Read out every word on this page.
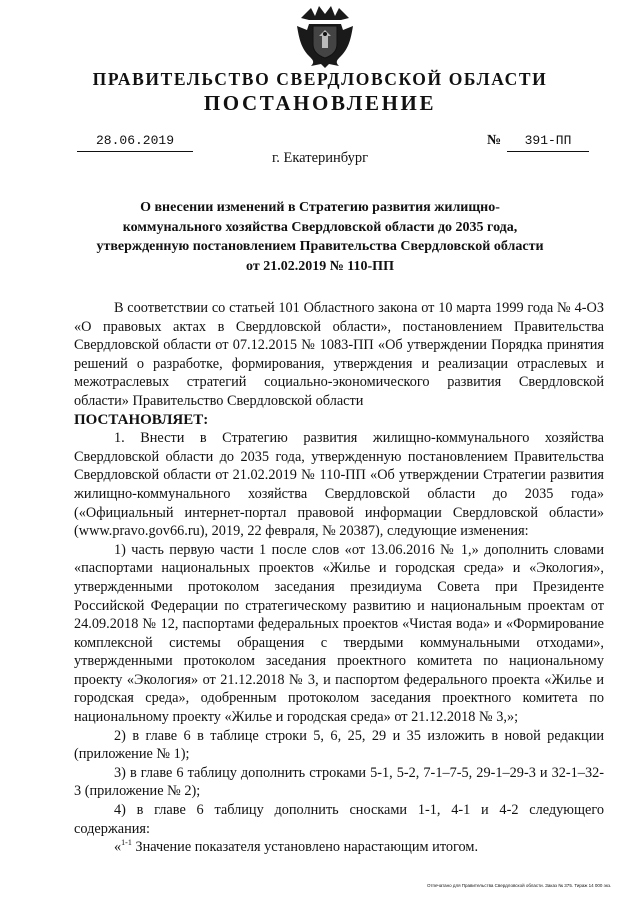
ПРАВИТЕЛЬСТВО СВЕРДЛОВСКОЙ ОБЛАСТИ
ПОСТАНОВЛЕНИЕ
28.06.2019	№	391-ПП
г. Екатеринбург
О внесении изменений в Стратегию развития жилищно-
коммунального хозяйства Свердловской области до 2035 года,
утвержденную постановлением Правительства Свердловской области
от 21.02.2019 № 110-ПП

В соответствии со статьей 101 Областного закона от 10 марта 1999 года № 4-ОЗ «О правовых актах в Свердловской области», постановлением Правительства Свердловской области от 07.12.2015 № 1083-ПП «Об утверждении Порядка принятия решений о разработке, формирования, утверждения и реализации отраслевых и межотраслевых стратегий социально-экономического развития Свердловской области» Правительство Свердловской области

ПОСТАНОВЛЯЕТ:

1. Внести в Стратегию развития жилищно-коммунального хозяйства Свердловской области до 2035 года, утвержденную постановлением Правительства Свердловской области от 21.02.2019 № 110-ПП «Об утверждении Стратегии развития жилищно-коммунального хозяйства Свердловской области до 2035 года» («Официальный интернет-портал правовой информации Свердловской области» (www.pravo.gov66.ru), 2019, 22 февраля, № 20387), следующие изменения:

1) часть первую части 1 после слов «от 13.06.2016 № 1,» дополнить словами «паспортами национальных проектов «Жилье и городская среда» и «Экология», утвержденными протоколом заседания президиума Совета при Президенте Российской Федерации по стратегическому развитию и национальным проектам от 24.09.2018 № 12, паспортами федеральных проектов «Чистая вода» и «Формирование комплексной системы обращения с твердыми коммунальными отходами», утвержденными протоколом заседания проектного комитета по национальному проекту «Экология» от 21.12.2018 № 3, и паспортом федерального проекта «Жилье и городская среда», одобренным протоколом заседания проектного комитета по национальному проекту «Жилье и городская среда» от 21.12.2018 № 3,»;

2) в главе 6 в таблице строки 5, 6, 25, 29 и 35 изложить в новой редакции (приложение № 1);

3) в главе 6 таблицу дополнить строками 5-1, 5-2, 7-1–7-5, 29-1–29-3 и 32-1–32-3 (приложение № 2);

4) в главе 6 таблицу дополнить сносками 1-1, 4-1 и 4-2 следующего содержания:

«$^{1-1}$ Значение показателя установлено нарастающим итогом.

Отпечатано для Правительства Свердловской области. Заказ № 375. Тираж 14 000 экз.
